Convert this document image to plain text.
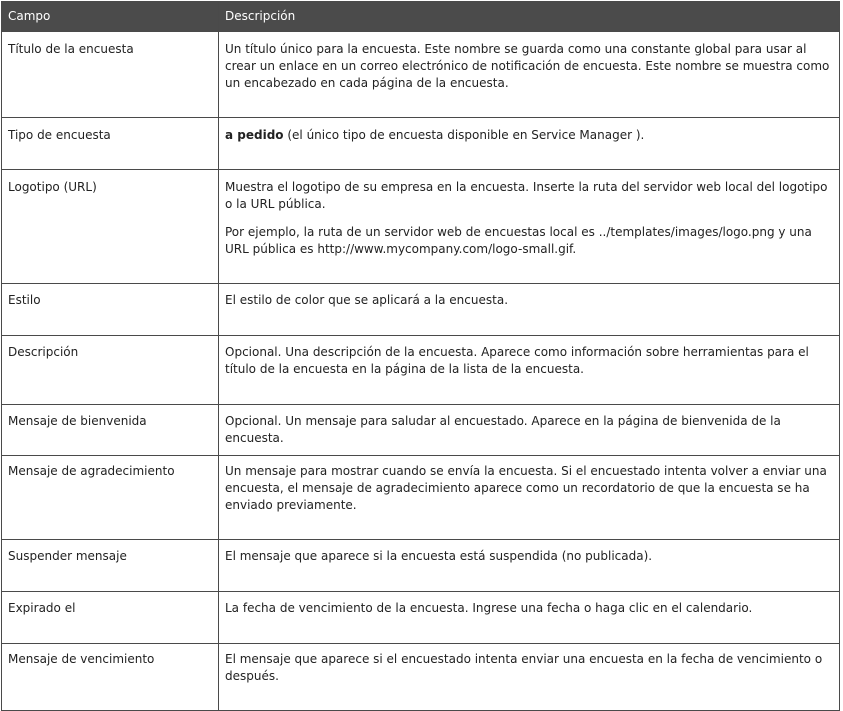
Campo	Descripción
Título de la encuesta	Un título único para la encuesta. Este nombre se guarda como una constante global para usar al crear un enlace en un correo electrónico de notificación de encuesta. Este nombre se muestra como un encabezado en cada página de la encuesta.
Tipo de encuesta	a pedido (el único tipo de encuesta disponible en Service Manager ).
Logotipo (URL)	Muestra el logotipo de su empresa en la encuesta. Inserte la ruta del servidor web local del logotipo o la URL pública.

Por ejemplo, la ruta de un servidor web de encuestas local es ../templates/images/logo.png y una URL pública es http://www.mycompany.com/logo-small.gif.

Estilo	El estilo de color que se aplicará a la encuesta.
Descripción	Opcional. Una descripción de la encuesta. Aparece como información sobre herramientas para el título de la encuesta en la página de la lista de la encuesta.
Mensaje de bienvenida	Opcional. Un mensaje para saludar al encuestado. Aparece en la página de bienvenida de la encuesta.
Mensaje de agradecimiento	Un mensaje para mostrar cuando se envía la encuesta. Si el encuestado intenta volver a enviar una encuesta, el mensaje de agradecimiento aparece como un recordatorio de que la encuesta se ha enviado previamente.
Suspender mensaje	El mensaje que aparece si la encuesta está suspendida (no publicada).
Expirado el	La fecha de vencimiento de la encuesta. Ingrese una fecha o haga clic en el calendario.
Mensaje de vencimiento	El mensaje que aparece si el encuestado intenta enviar una encuesta en la fecha de vencimiento o después.
